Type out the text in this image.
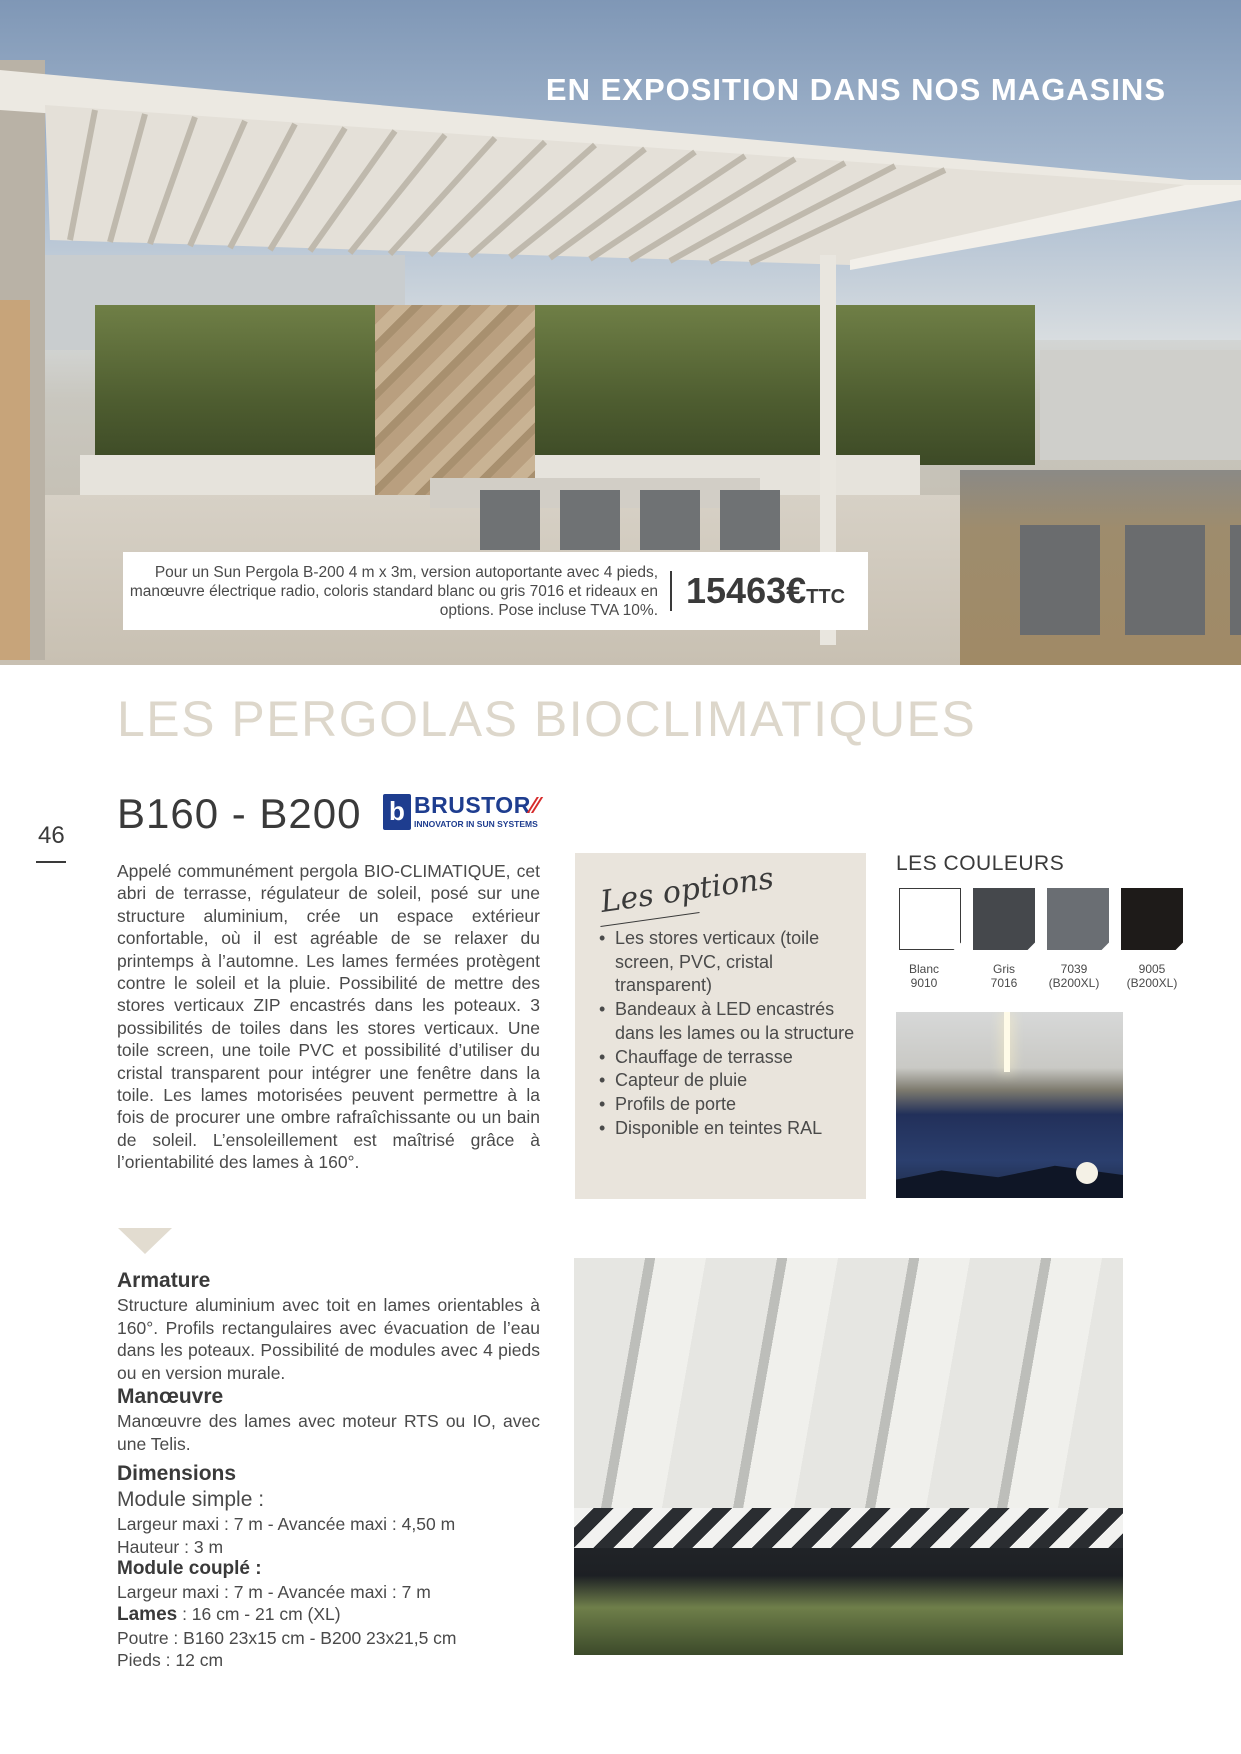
EN EXPOSITION DANS NOS MAGASINS
Pour un Sun Pergola B-200 4 m x 3m, version autoportante avec 4 pieds, manœuvre électrique radio, coloris standard blanc ou gris 7016 et rideaux en options. Pose incluse TVA 10%. 15463€TTC
LES PERGOLAS BIOCLIMATIQUES
46 B160 - B200 b BRUSTOR⁄⁄
INNOVATOR IN SUN SYSTEMS
Appelé communément pergola BIO-CLIMATIQUE, cet abri de terrasse, régulateur de soleil, posé sur une structure aluminium, crée un espace extérieur confortable, où il est agréable de se relaxer du printemps à l’automne. Les lames fermées protègent contre le soleil et la pluie. Possibilité de mettre des stores verticaux ZIP encastrés dans les poteaux. 3 possibilités de toiles dans les stores verticaux. Une toile screen, une toile PVC et possibilité d’utiliser du cristal transparent pour intégrer une fenêtre dans la toile. Les lames motorisées peuvent permettre à la fois de procurer une ombre rafraîchissante ou un bain de soleil. L’ensoleillement est maîtrisé grâce à l’orientabilité des lames à 160°.
Armature
Structure aluminium avec toit en lames orientables à 160°. Profils rectangulaires avec évacuation de l’eau dans les poteaux. Possibilité de modules avec 4 pieds ou en version murale.
Manœuvre
Manœuvre des lames avec moteur RTS ou IO, avec une Telis.
Dimensions
Module simple :
Largeur maxi : 7 m - Avancée maxi : 4,50 m
Hauteur : 3 m
Module couplé :
Largeur maxi : 7 m - Avancée maxi : 7 m
Lames : 16 cm - 21 cm (XL)
Poutre : B160 23x15 cm - B200 23x21,5 cm
Pieds : 12 cm
Les options
• Les stores verticaux (toile screen, PVC, cristal transparent)
• Bandeaux à LED encastrés dans les lames ou la structure
• Chauffage de terrasse
• Capteur de pluie
• Profils de porte
• Disponible en teintes RAL
LES COULEURS
Blanc
9010
Gris
7016
7039
(B200XL)
9005
(B200XL)
